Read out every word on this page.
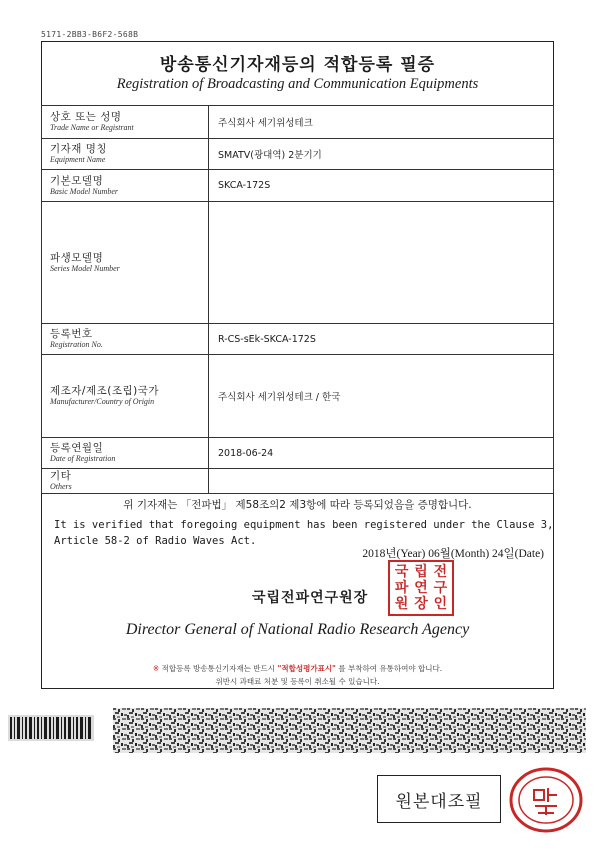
5171-2BB3-B6F2-568B
방송통신기자재등의 적합등록 필증
Registration of Broadcasting and Communication Equipments
상호 또는 성명
Trade Name or Registrant	주식회사 세기위성테크

기자재 명칭
Equipment Name	SMATV(광대역) 2분기기

기본모델명
Basic Model Number	SKCA-172S

파생모델명
Series Model Number	

등록번호
Registration No.	R-CS-sEk-SKCA-172S

제조자/제조(조립)국가
Manufacturer/Country of Origin	주식회사 세기위성테크 / 한국

등록연월일
Date of Registration	2018-06-24

기타
Others	

위 기자재는 「전파법」 제58조의2 제3항에 따라 등록되었음을 증명합니다.
It is verified that foregoing equipment has been registered under the Clause 3,
Article 58-2 of Radio Waves Act.
2018년(Year) 06월(Month) 24일(Date)
국립전파연구원장
국 립 전
파 연 구
원 장 인
Director General of National Radio Research Agency
※ 적합등록 방송통신기자재는 반드시 "적합성평가표시" 를 부착하여 유통하여야 합니다.
위반시 과태료 처분 및 등록이 취소될 수 있습니다.
원본대조필
